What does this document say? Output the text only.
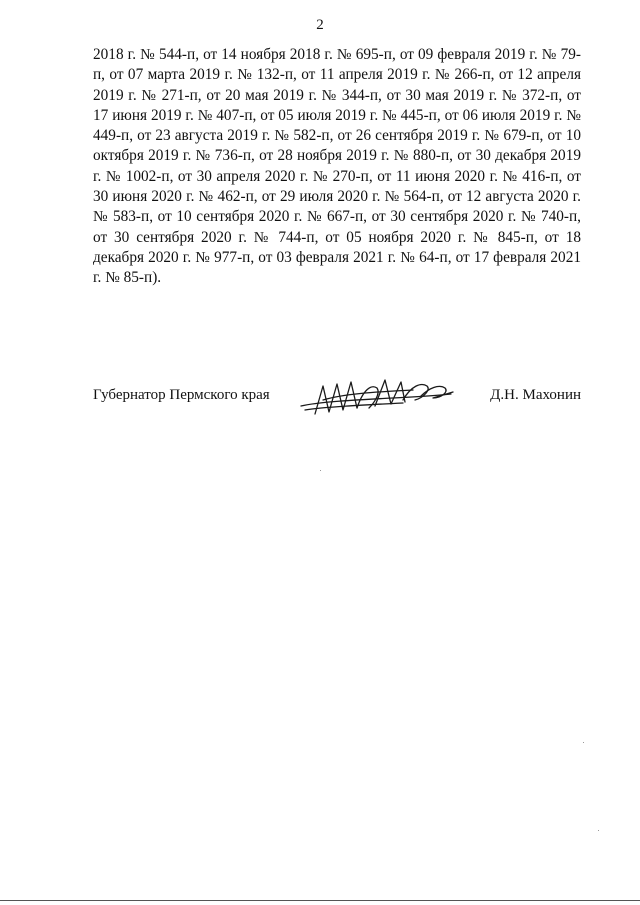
2

2018 г. № 544-п, от 14 ноября 2018 г. № 695-п, от 09 февраля 2019 г. № 79-п, от 07 марта 2019 г. № 132-п, от 11 апреля 2019 г. № 266-п, от 12 апреля 2019 г. № 271-п, от 20 мая 2019 г. № 344-п, от 30 мая 2019 г. № 372-п, от 17 июня 2019 г. № 407-п, от 05 июля 2019 г. № 445-п, от 06 июля 2019 г. № 449-п, от 23 августа 2019 г. № 582-п, от 26 сентября 2019 г. № 679-п, от 10 октября 2019 г. № 736-п, от 28 ноября 2019 г. № 880-п, от 30 декабря 2019 г. № 1002-п, от 30 апреля 2020 г. № 270-п, от 11 июня 2020 г. № 416-п, от 30 июня 2020 г. № 462-п, от 29 июля 2020 г. № 564-п, от 12 августа 2020 г. № 583-п, от 10 сентября 2020 г. № 667-п, от 30 сентября 2020 г. № 740-п, от 30 сентября 2020 г. № 744-п, от 05 ноября 2020 г. № 845-п, от 18 декабря 2020 г. № 977-п, от 03 февраля 2021 г. № 64-п, от 17 февраля 2021 г. № 85-п).

Губернатор Пермского края	Д.Н. Махонин
